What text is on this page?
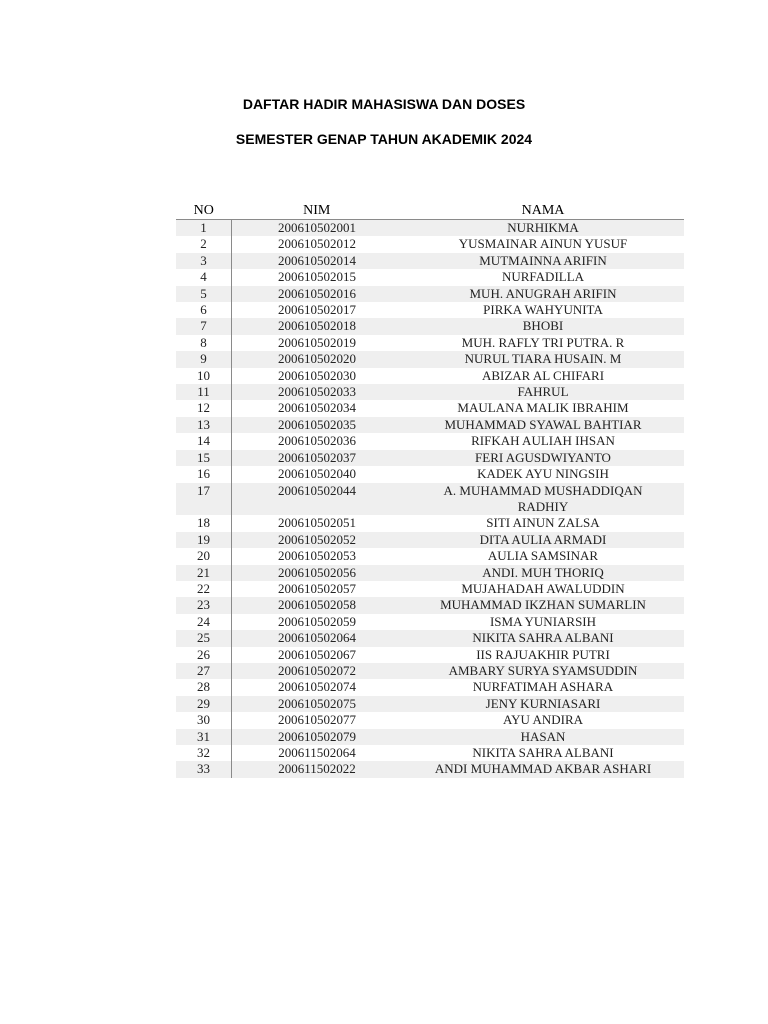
DAFTAR HADIR MAHASISWA DAN DOSES
SEMESTER GENAP TAHUN AKADEMIK 2024
NO	NIM	NAMA
1	200610502001	NURHIKMA

2	200610502012	YUSMAINAR AINUN YUSUF

3	200610502014	MUTMAINNA ARIFIN

4	200610502015	NURFADILLA

5	200610502016	MUH. ANUGRAH ARIFIN

6	200610502017	PIRKA WAHYUNITA

7	200610502018	BHOBI

8	200610502019	MUH. RAFLY TRI PUTRA. R

9	200610502020	NURUL TIARA HUSAIN. M

10	200610502030	ABIZAR AL CHIFARI

11	200610502033	FAHRUL

12	200610502034	MAULANA MALIK IBRAHIM

13	200610502035	MUHAMMAD SYAWAL BAHTIAR

14	200610502036	RIFKAH AULIAH IHSAN

15	200610502037	FERI AGUSDWIYANTO

16	200610502040	KADEK AYU NINGSIH

17	200610502044	A. MUHAMMAD MUSHADDIQAN
RADHIY

18	200610502051	SITI AINUN ZALSA

19	200610502052	DITA AULIA ARMADI

20	200610502053	AULIA SAMSINAR

21	200610502056	ANDI. MUH THORIQ

22	200610502057	MUJAHADAH AWALUDDIN

23	200610502058	MUHAMMAD IKZHAN SUMARLIN

24	200610502059	ISMA YUNIARSIH

25	200610502064	NIKITA SAHRA ALBANI

26	200610502067	IIS RAJUAKHIR PUTRI

27	200610502072	AMBARY SURYA SYAMSUDDIN

28	200610502074	NURFATIMAH ASHARA

29	200610502075	JENY KURNIASARI

30	200610502077	AYU ANDIRA

31	200610502079	HASAN

32	200611502064	NIKITA SAHRA ALBANI

33	200611502022	ANDI MUHAMMAD AKBAR ASHARI
